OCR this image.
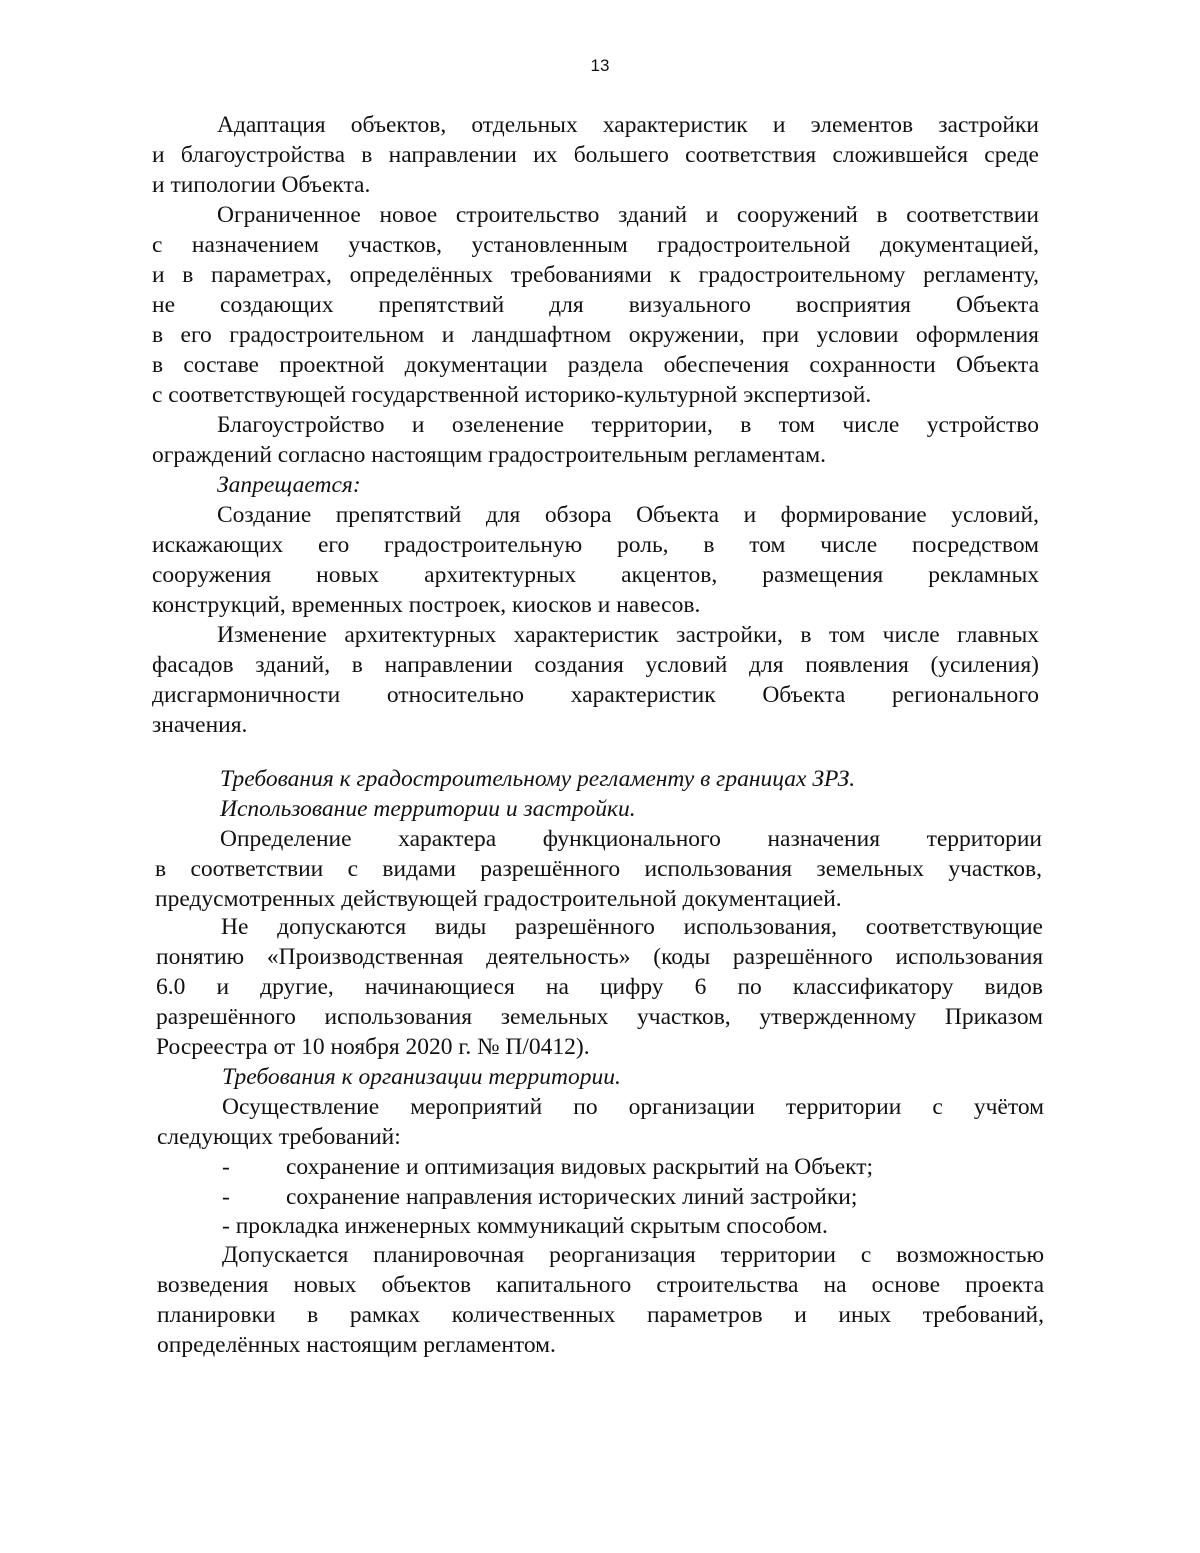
13
Адаптация объектов, отдельных характеристик и элементов застройки
и благоустройства в направлении их большего соответствия сложившейся среде
и типологии Объекта.
Ограниченное новое строительство зданий и сооружений в соответствии
с назначением участков, установленным градостроительной документацией,
и в параметрах, определённых требованиями к градостроительному регламенту,
не создающих препятствий для визуального восприятия Объекта
в его градостроительном и ландшафтном окружении, при условии оформления
в составе проектной документации раздела обеспечения сохранности Объекта
с соответствующей государственной историко-культурной экспертизой.
Благоустройство и озеленение территории, в том числе устройство
ограждений согласно настоящим градостроительным регламентам.
Запрещается:
Создание препятствий для обзора Объекта и формирование условий,
искажающих его градостроительную роль, в том числе посредством
сооружения новых архитектурных акцентов, размещения рекламных
конструкций, временных построек, киосков и навесов.
Изменение архитектурных характеристик застройки, в том числе главных
фасадов зданий, в направлении создания условий для появления (усиления)
дисгармоничности относительно характеристик Объекта регионального
значения.
Требования к градостроительному регламенту в границах ЗРЗ.
Использование территории и застройки.
Определение характера функционального назначения территории
в соответствии с видами разрешённого использования земельных участков,
предусмотренных действующей градостроительной документацией.
Не допускаются виды разрешённого использования, соответствующие
понятию «Производственная деятельность» (коды разрешённого использования
6.0 и другие, начинающиеся на цифру 6 по классификатору видов
разрешённого использования земельных участков, утвержденному Приказом
Росреестра от 10 ноября 2020 г. № П/0412).
Требования к организации территории.
Осуществление мероприятий по организации территории с учётом
следующих требований:
- сохранение и оптимизация видовых раскрытий на Объект;
- сохранение направления исторических линий застройки;
- прокладка инженерных коммуникаций скрытым способом.
Допускается планировочная реорганизация территории с возможностью
возведения новых объектов капитального строительства на основе проекта
планировки в рамках количественных параметров и иных требований,
определённых настоящим регламентом.
